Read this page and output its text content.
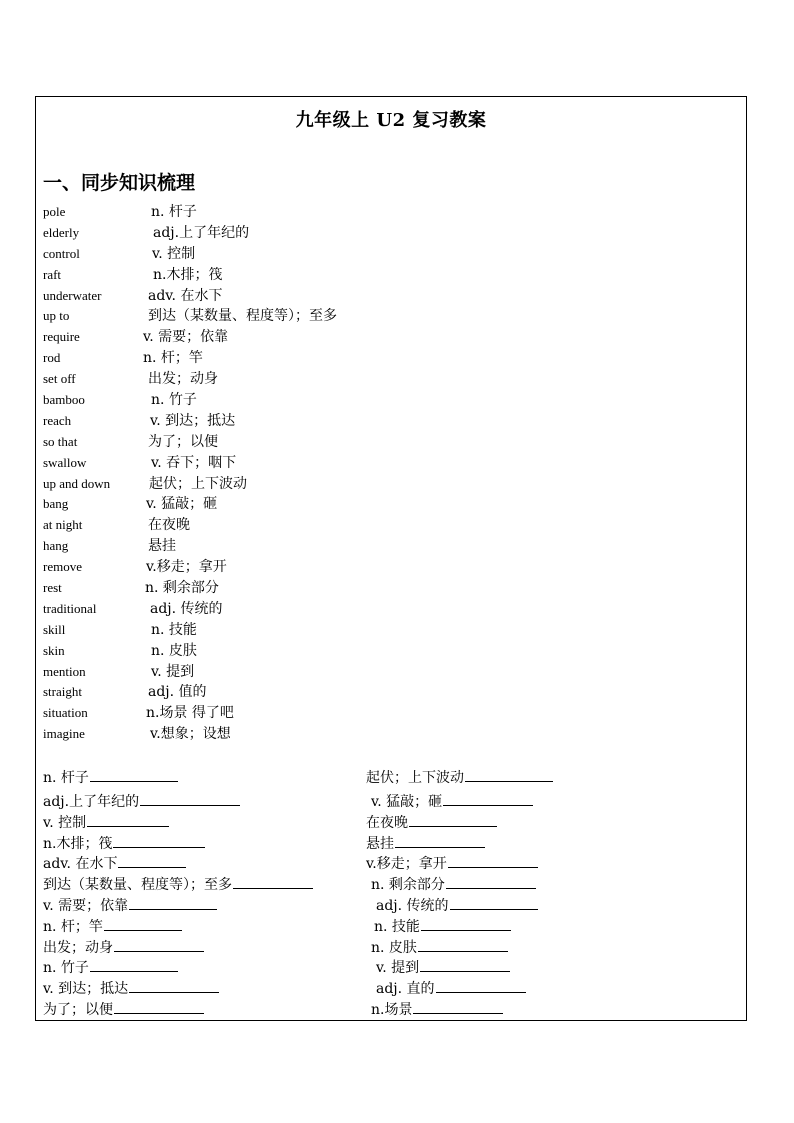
九年级上 U2 复习教案
一、同步知识梳理
pole	n. 杆子
elderly	adj.上了年纪的
control	v. 控制
raft	n.木排；筏
underwater	adv. 在水下
up to	到达（某数量、程度等）；至多
require	v. 需要；依靠
rod	n. 杆；竿
set off	出发；动身
bamboo	n. 竹子
reach	v. 到达；抵达
so that	为了；以便
swallow	v. 吞下；咽下
up and down	起伏；上下波动
bang	v. 猛敲；砸
at night	在夜晚
hang	悬挂
remove	v.移走；拿开
rest	n. 剩余部分
traditional	adj. 传统的
skill	n. 技能
skin	n. 皮肤
mention	v. 提到
straight	adj. 值的
situation	n.场景 得了吧
imagine	v.想象；设想
n. 杆子	起伏；上下波动
adj.上了年纪的	v. 猛敲；砸
v. 控制	在夜晚
n.木排；筏	悬挂
adv. 在水下	v.移走；拿开
到达（某数量、程度等）；至多	n. 剩余部分
v. 需要；依靠	adj. 传统的
n. 杆；竿	n. 技能
出发；动身	n. 皮肤
n. 竹子	v. 提到
v. 到达；抵达	adj. 直的
为了；以便	n.场景
